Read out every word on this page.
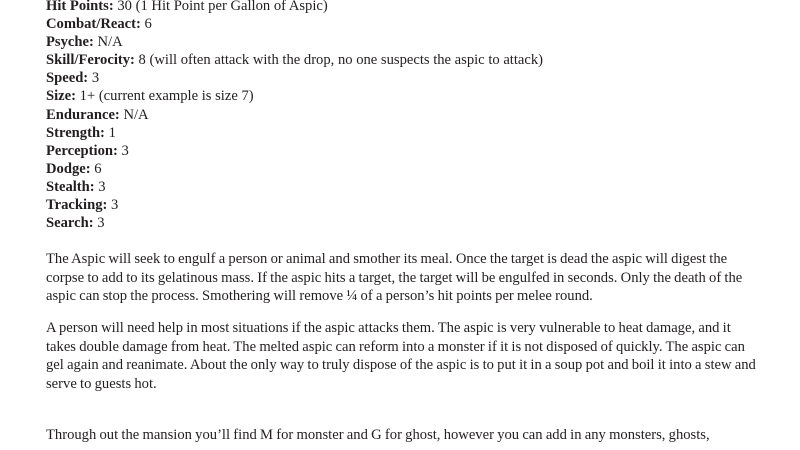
Hit Points: 30 (1 Hit Point per Gallon of Aspic)
Combat/React: 6
Psyche: N/A
Skill/Ferocity: 8 (will often attack with the drop, no one suspects the aspic to attack)
Speed: 3
Size: 1+ (current example is size 7)
Endurance: N/A
Strength: 1
Perception: 3
Dodge: 6
Stealth: 3
Tracking: 3
Search: 3

The Aspic will seek to engulf a person or animal and smother its meal. Once the target is dead the aspic will digest the corpse to add to its gelatinous mass. If the aspic hits a target, the target will be engulfed in seconds. Only the death of the aspic can stop the process. Smothering will remove ¼ of a person’s hit points per melee round.

A person will need help in most situations if the aspic attacks them. The aspic is very vulnerable to heat damage, and it takes double damage from heat. The melted aspic can reform into a monster if it is not disposed of quickly. The aspic can gel again and reanimate. About the only way to truly dispose of the aspic is to put it in a soup pot and boil it into a stew and serve to guests hot.

Through out the mansion you’ll find M for monster and G for ghost, however you can add in any monsters, ghosts,
